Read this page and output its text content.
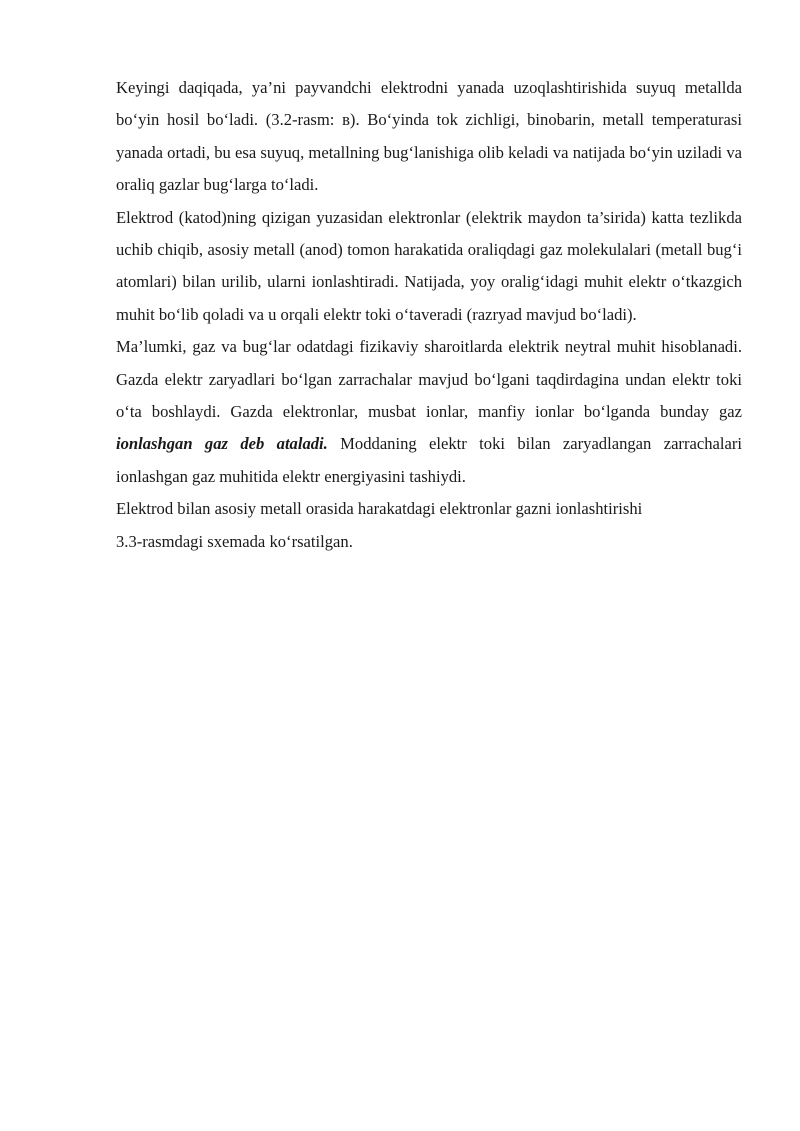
Keyingi daqiqada, ya’ni payvandchi elektrodni yanada uzoqlashtirishida suyuq metallda bo‘yin hosil bo‘ladi. (3.2-rasm: в). Bo‘yinda tok zichligi, binobarin, metall temperaturasi yanada ortadi, bu esa suyuq, metallning bug‘lanishiga olib keladi va natijada bo‘yin uziladi va oraliq gazlar bug‘larga to‘ladi.

Elektrod (katod)ning qizigan yuzasidan elektronlar (elektrik maydon ta’sirida) katta tezlikda uchib chiqib, asosiy metall (anod) tomon harakatida oraliqdagi gaz molekulalari (metall bug‘i atomlari) bilan urilib, ularni ionlashtiradi. Natijada, yoy oralig‘idagi muhit elektr o‘tkazgich muhit bo‘lib qoladi va u orqali elektr toki o‘taveradi (razryad mavjud bo‘ladi).

Ma’lumki, gaz va bug‘lar odatdagi fizikaviy sharoitlarda elektrik neytral muhit hisoblanadi. Gazda elektr zaryadlari bo‘lgan zarrachalar mavjud bo‘lgani taqdirdagina undan elektr toki o‘ta boshlaydi. Gazda elektronlar, musbat ionlar, manfiy ionlar bo‘lganda bunday gaz ionlashgan gaz deb ataladi. Moddaning elektr toki bilan zaryadlangan zarrachalari ionlashgan gaz muhitida elektr energiyasini tashiydi.

Elektrod bilan asosiy metall orasida harakatdagi elektronlar gazni ionlashtirishi
3.3-rasmdagi sxemada ko‘rsatilgan.
